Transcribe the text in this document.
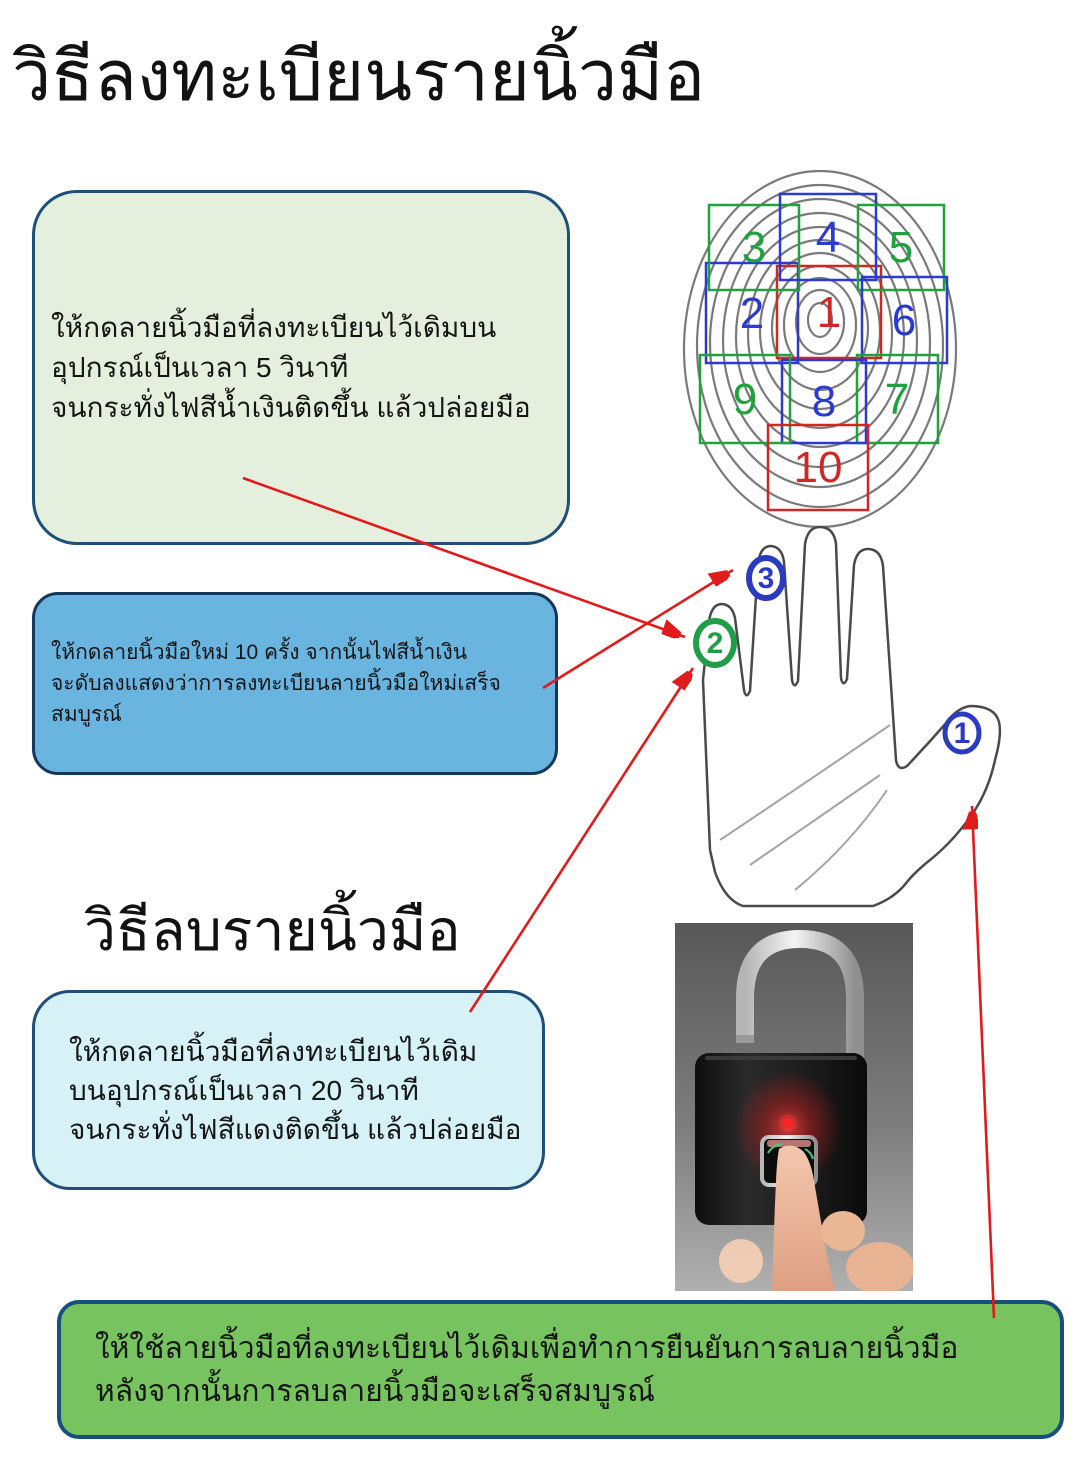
วิธีลงทะเบียนรายนิ้วมือ
วิธีลบรายนิ้วมือ
ให้กดลายนิ้วมือที่ลงทะเบียนไว้เดิมบน
อุปกรณ์เป็นเวลา 5 วินาที
จนกระทั่งไฟสีน้ำเงินติดขึ้น แล้วปล่อยมือ
ให้กดลายนิ้วมือใหม่ 10 ครั้ง จากนั้นไฟสีน้ำเงิน
จะดับลงแสดงว่าการลงทะเบียนลายนิ้วมือใหม่เสร็จสมบูรณ์
ให้กดลายนิ้วมือที่ลงทะเบียนไว้เดิม
บนอุปกรณ์เป็นเวลา 20 วินาที
จนกระทั่งไฟสีแดงติดขึ้น แล้วปล่อยมือ
ให้ใช้ลายนิ้วมือที่ลงทะเบียนไว้เดิมเพื่อทำการยืนยันการลบลายนิ้วมือ
หลังจากนั้นการลบลายนิ้วมือจะเสร็จสมบูรณ์
1
2
3 4 5
6
7
8
9
10
1
2
3
